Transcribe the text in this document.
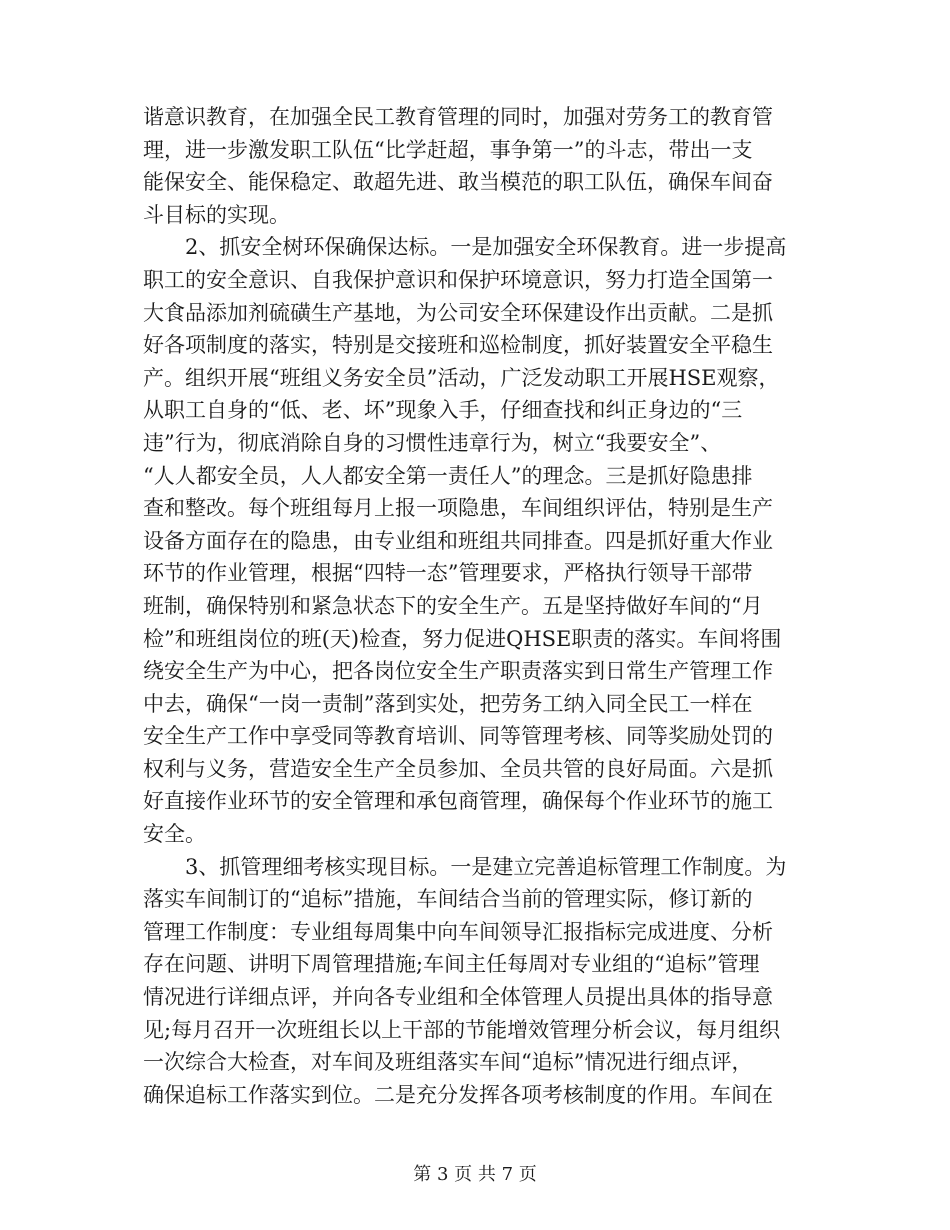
谐意识教育，在加强全民工教育管理的同时，加强对劳务工的教育管
理，进一步激发职工队伍“比学赶超，事争第一”的斗志，带出一支
能保安全、能保稳定、敢超先进、敢当模范的职工队伍，确保车间奋
斗目标的实现。
　　2、抓安全树环保确保达标。一是加强安全环保教育。进一步提高
职工的安全意识、自我保护意识和保护环境意识，努力打造全国第一
大食品添加剂硫磺生产基地，为公司安全环保建设作出贡献。二是抓
好各项制度的落实，特别是交接班和巡检制度，抓好装置安全平稳生
产。组织开展“班组义务安全员”活动，广泛发动职工开展HSE观察，
从职工自身的“低、老、坏”现象入手，仔细查找和纠正身边的“三
违”行为，彻底消除自身的习惯性违章行为，树立“我要安全”、
“人人都安全员，人人都安全第一责任人”的理念。三是抓好隐患排
查和整改。每个班组每月上报一项隐患，车间组织评估，特别是生产
设备方面存在的隐患，由专业组和班组共同排查。四是抓好重大作业
环节的作业管理，根据“四特一态”管理要求，严格执行领导干部带
班制，确保特别和紧急状态下的安全生产。五是坚持做好车间的“月
检”和班组岗位的班(天)检查，努力促进QHSE职责的落实。车间将围
绕安全生产为中心，把各岗位安全生产职责落实到日常生产管理工作
中去，确保“一岗一责制”落到实处，把劳务工纳入同全民工一样在
安全生产工作中享受同等教育培训、同等管理考核、同等奖励处罚的
权利与义务，营造安全生产全员参加、全员共管的良好局面。六是抓
好直接作业环节的安全管理和承包商管理，确保每个作业环节的施工
安全。
　　3、抓管理细考核实现目标。一是建立完善追标管理工作制度。为
落实车间制订的“追标”措施，车间结合当前的管理实际，修订新的
管理工作制度：专业组每周集中向车间领导汇报指标完成进度、分析
存在问题、讲明下周管理措施;车间主任每周对专业组的“追标”管理
情况进行详细点评，并向各专业组和全体管理人员提出具体的指导意
见;每月召开一次班组长以上干部的节能增效管理分析会议，每月组织
一次综合大检查，对车间及班组落实车间“追标”情况进行细点评，
确保追标工作落实到位。二是充分发挥各项考核制度的作用。车间在
第 3 页 共 7 页
